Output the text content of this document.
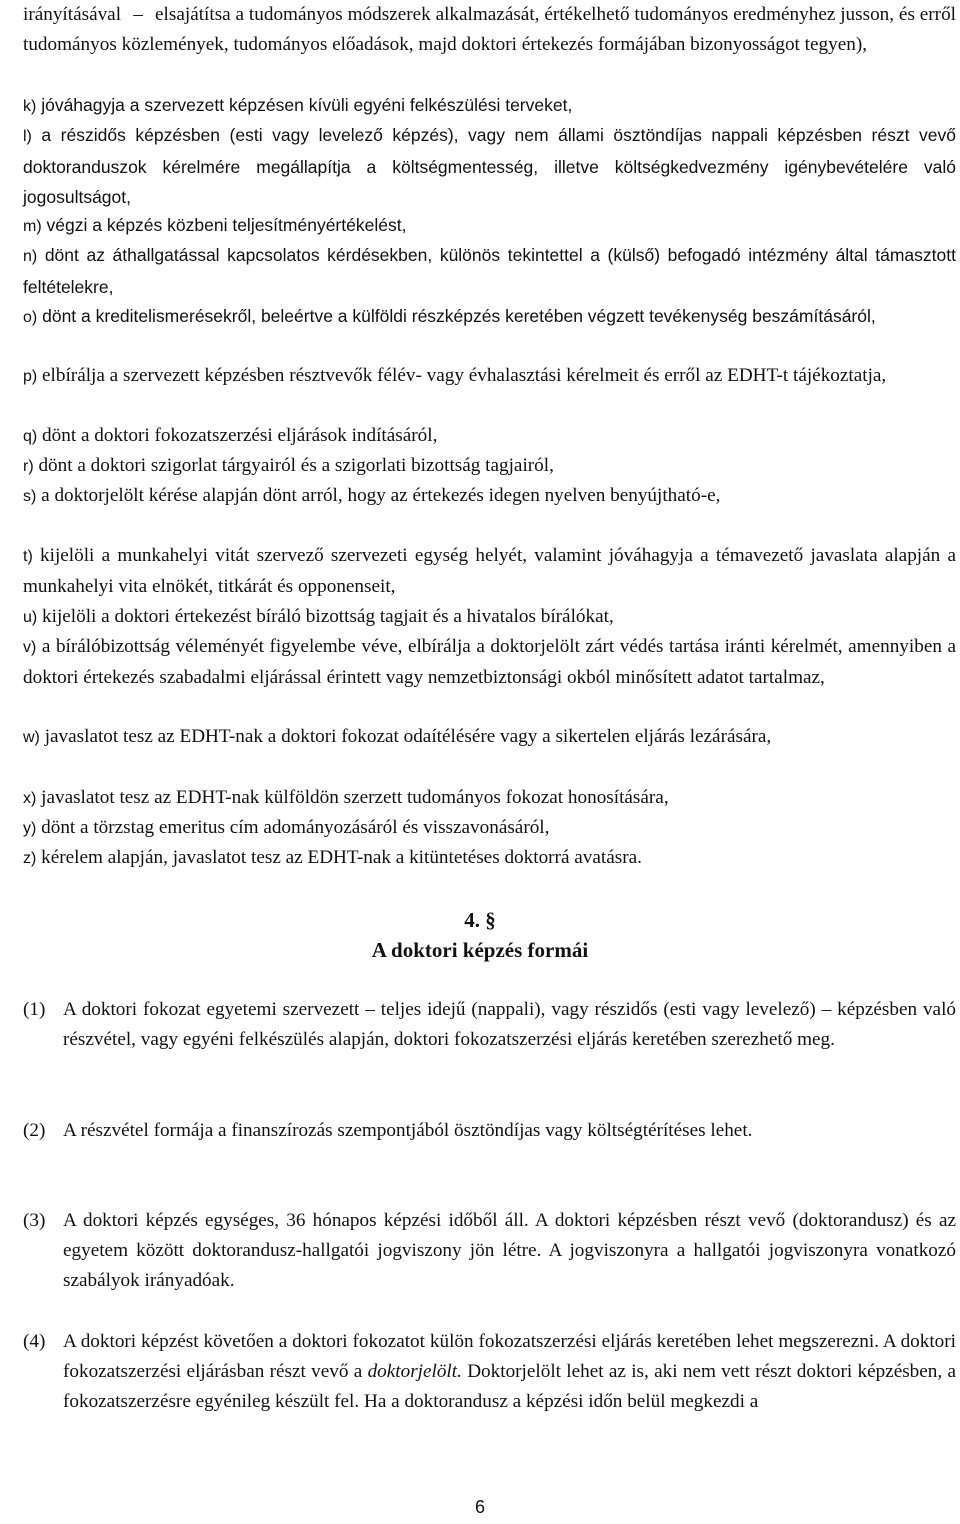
irányításával – elsajátítsa a tudományos módszerek alkalmazását, értékelhető tudományos eredményhez jusson, és erről tudományos közlemények, tudományos előadások, majd doktori értekezés formájában bizonyosságot tegyen),

k) jóváhagyja a szervezett képzésen kívüli egyéni felkészülési terveket,

l) a részidős képzésben (esti vagy levelező képzés), vagy nem állami ösztöndíjas nappali képzésben részt vevő doktoranduszok kérelmére megállapítja a költségmentesség, illetve költségkedvezmény igénybevételére való jogosultságot,

m) végzi a képzés közbeni teljesítményértékelést,

n) dönt az áthallgatással kapcsolatos kérdésekben, különös tekintettel a (külső) befogadó intézmény által támasztott feltételekre,

o) dönt a kreditelismerésekről, beleértve a külföldi részképzés keretében végzett tevékenység beszámításáról,

p) elbírálja a szervezett képzésben résztvevők félév- vagy évhalasztási kérelmeit és erről az EDHT-t tájékoztatja,

q) dönt a doktori fokozatszerzési eljárások indításáról,

r) dönt a doktori szigorlat tárgyairól és a szigorlati bizottság tagjairól,

s) a doktorjelölt kérése alapján dönt arról, hogy az értekezés idegen nyelven benyújtható-e,

t) kijelöli a munkahelyi vitát szervező szervezeti egység helyét, valamint jóváhagyja a témavezető javaslata alapján a munkahelyi vita elnökét, titkárát és opponenseit,

u) kijelöli a doktori értekezést bíráló bizottság tagjait és a hivatalos bírálókat,

v) a bírálóbizottság véleményét figyelembe véve, elbírálja a doktorjelölt zárt védés tartása iránti kérelmét, amennyiben a doktori értekezés szabadalmi eljárással érintett vagy nemzetbiztonsági okból minősített adatot tartalmaz,

w) javaslatot tesz az EDHT-nak a doktori fokozat odaítélésére vagy a sikertelen eljárás lezárására,

x) javaslatot tesz az EDHT-nak külföldön szerzett tudományos fokozat honosítására,

y) dönt a törzstag emeritus cím adományozásáról és visszavonásáról,

z) kérelem alapján, javaslatot tesz az EDHT-nak a kitüntetéses doktorrá avatásra.

4. §

A doktori képzés formái

(1) A doktori fokozat egyetemi szervezett – teljes idejű (nappali), vagy részidős (esti vagy levelező) – képzésben való részvétel, vagy egyéni felkészülés alapján, doktori fokozatszerzési eljárás keretében szerezhető meg.
(2) A részvétel formája a finanszírozás szempontjából ösztöndíjas vagy költségtérítéses lehet.
(3) A doktori képzés egységes, 36 hónapos képzési időből áll. A doktori képzésben részt vevő (doktorandusz) és az egyetem között doktorandusz-hallgatói jogviszony jön létre. A jogviszonyra a hallgatói jogviszonyra vonatkozó szabályok irányadóak.
(4) A doktori képzést követően a doktori fokozatot külön fokozatszerzési eljárás keretében lehet megszerezni. A doktori fokozatszerzési eljárásban részt vevő a doktorjelölt. Doktorjelölt lehet az is, aki nem vett részt doktori képzésben, a fokozatszerzésre egyénileg készült fel. Ha a doktorandusz a képzési időn belül megkezdi a
6
